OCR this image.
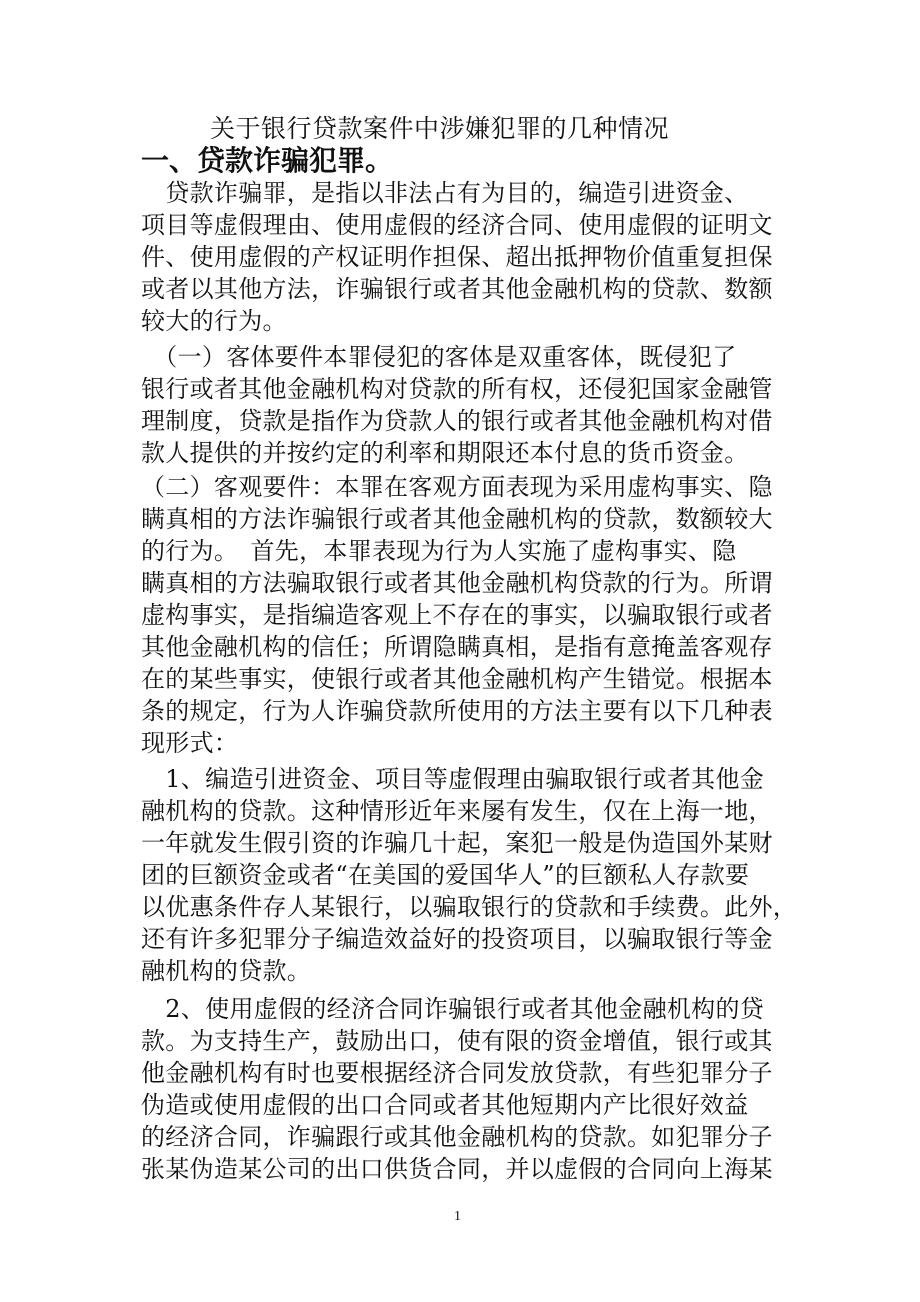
关于银行贷款案件中涉嫌犯罪的几种情况
一、贷款诈骗犯罪。
　贷款诈骗罪，是指以非法占有为目的，编造引进资金、
项目等虚假理由、使用虚假的经济合同、使用虚假的证明文
件、使用虚假的产权证明作担保、超出抵押物价值重复担保
或者以其他方法，诈骗银行或者其他金融机构的贷款、数额
较大的行为。
　（一）客体要件本罪侵犯的客体是双重客体，既侵犯了
银行或者其他金融机构对贷款的所有权，还侵犯国家金融管
理制度，贷款是指作为贷款人的银行或者其他金融机构对借
款人提供的并按约定的利率和期限还本付息的货币资金。
（二）客观要件：本罪在客观方面表现为采用虚构事实、隐
瞒真相的方法诈骗银行或者其他金融机构的贷款，数额较大
的行为。　首先，本罪表现为行为人实施了虚构事实、隐
瞒真相的方法骗取银行或者其他金融机构贷款的行为。所谓
虚构事实，是指编造客观上不存在的事实，以骗取银行或者
其他金融机构的信任；所谓隐瞒真相，是指有意掩盖客观存
在的某些事实，使银行或者其他金融机构产生错觉。根据本
条的规定，行为人诈骗贷款所使用的方法主要有以下几种表
现形式：
　1、编造引进资金、项目等虚假理由骗取银行或者其他金
融机构的贷款。这种情形近年来屡有发生，仅在上海一地，
一年就发生假引资的诈骗几十起，案犯一般是伪造国外某财
团的巨额资金或者“在美国的爱国华人”的巨额私人存款要
以优惠条件存人某银行，以骗取银行的贷款和手续费。此外，
还有许多犯罪分子编造效益好的投资项目，以骗取银行等金
融机构的贷款。
　2、使用虚假的经济合同诈骗银行或者其他金融机构的贷
款。为支持生产，鼓励出口，使有限的资金增值，银行或其
他金融机构有时也要根据经济合同发放贷款，有些犯罪分子
伪造或使用虚假的出口合同或者其他短期内产比很好效益
的经济合同，诈骗跟行或其他金融机构的贷款。如犯罪分子
张某伪造某公司的出口供货合同，并以虚假的合同向上海某
1
